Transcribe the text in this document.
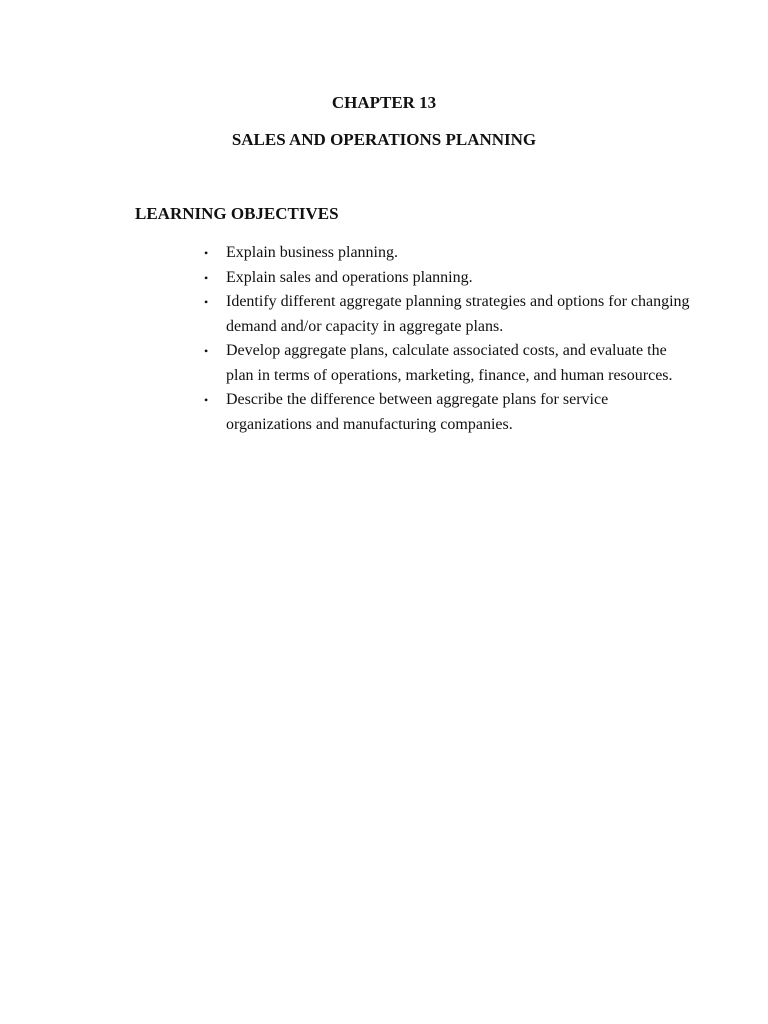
CHAPTER 13
SALES AND OPERATIONS PLANNING
LEARNING OBJECTIVES
• Explain business planning.
• Explain sales and operations planning.
• Identify different aggregate planning strategies and options for changing demand and/or capacity in aggregate plans.
• Develop aggregate plans, calculate associated costs, and evaluate the plan in terms of operations, marketing, finance, and human resources.
• Describe the difference between aggregate plans for service organizations and manufacturing companies.
